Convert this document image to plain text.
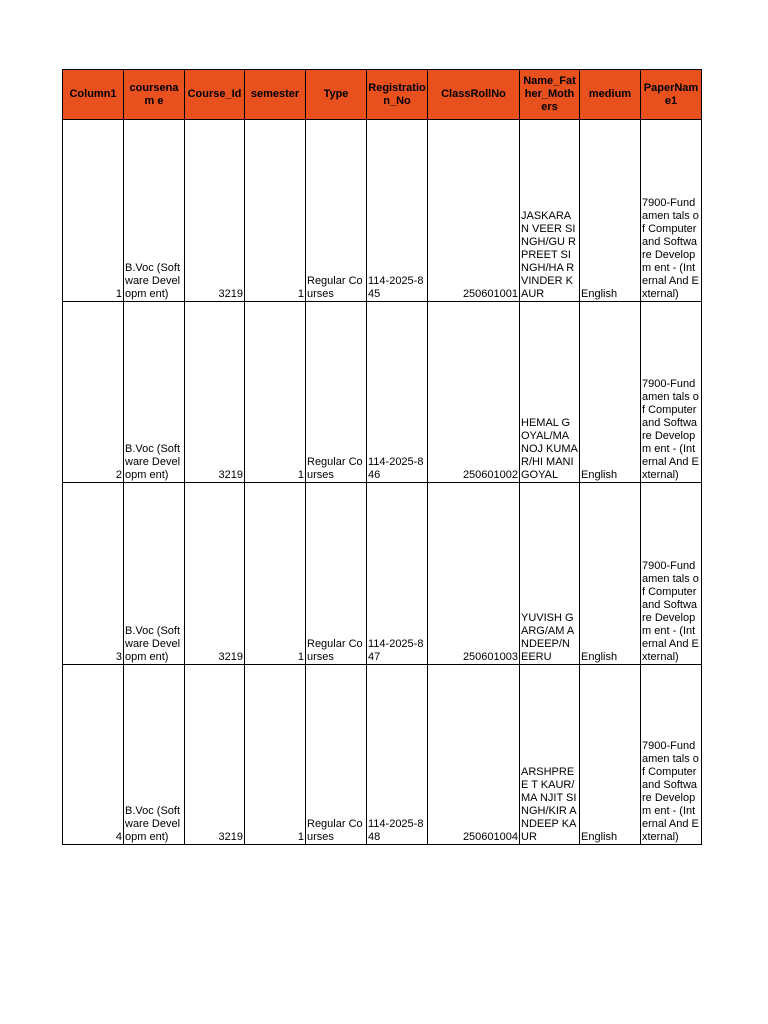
Column1	coursenam e	Course_Id	semester	Type	Registratio n_No	ClassRollNo	Name_Fat her_Moth ers	medium	PaperNam e1
1	B.Voc (Software Developm ent)	3219	1	Regular Courses	114-2025-845	250601001	JASKARAN VEER SINGH/GU RPREET SINGH/HA RVINDER KAUR	English	7900-Fundamen tals of Computer and Software Developm ent - (Internal And External)
2	B.Voc (Software Developm ent)	3219	1	Regular Courses	114-2025-846	250601002	HEMAL GOYAL/MA NOJ KUMAR/HI MANI GOYAL	English	7900-Fundamen tals of Computer and Software Developm ent - (Internal And External)
3	B.Voc (Software Developm ent)	3219	1	Regular Courses	114-2025-847	250601003	YUVISH GARG/AM ANDEEP/N EERU	English	7900-Fundamen tals of Computer and Software Developm ent - (Internal And External)
4	B.Voc (Software Developm ent)	3219	1	Regular Courses	114-2025-848	250601004	ARSHPREE T KAUR/MA NJIT SINGH/KIR ANDEEP KAUR	English	7900-Fundamen tals of Computer and Software Developm ent - (Internal And External)
